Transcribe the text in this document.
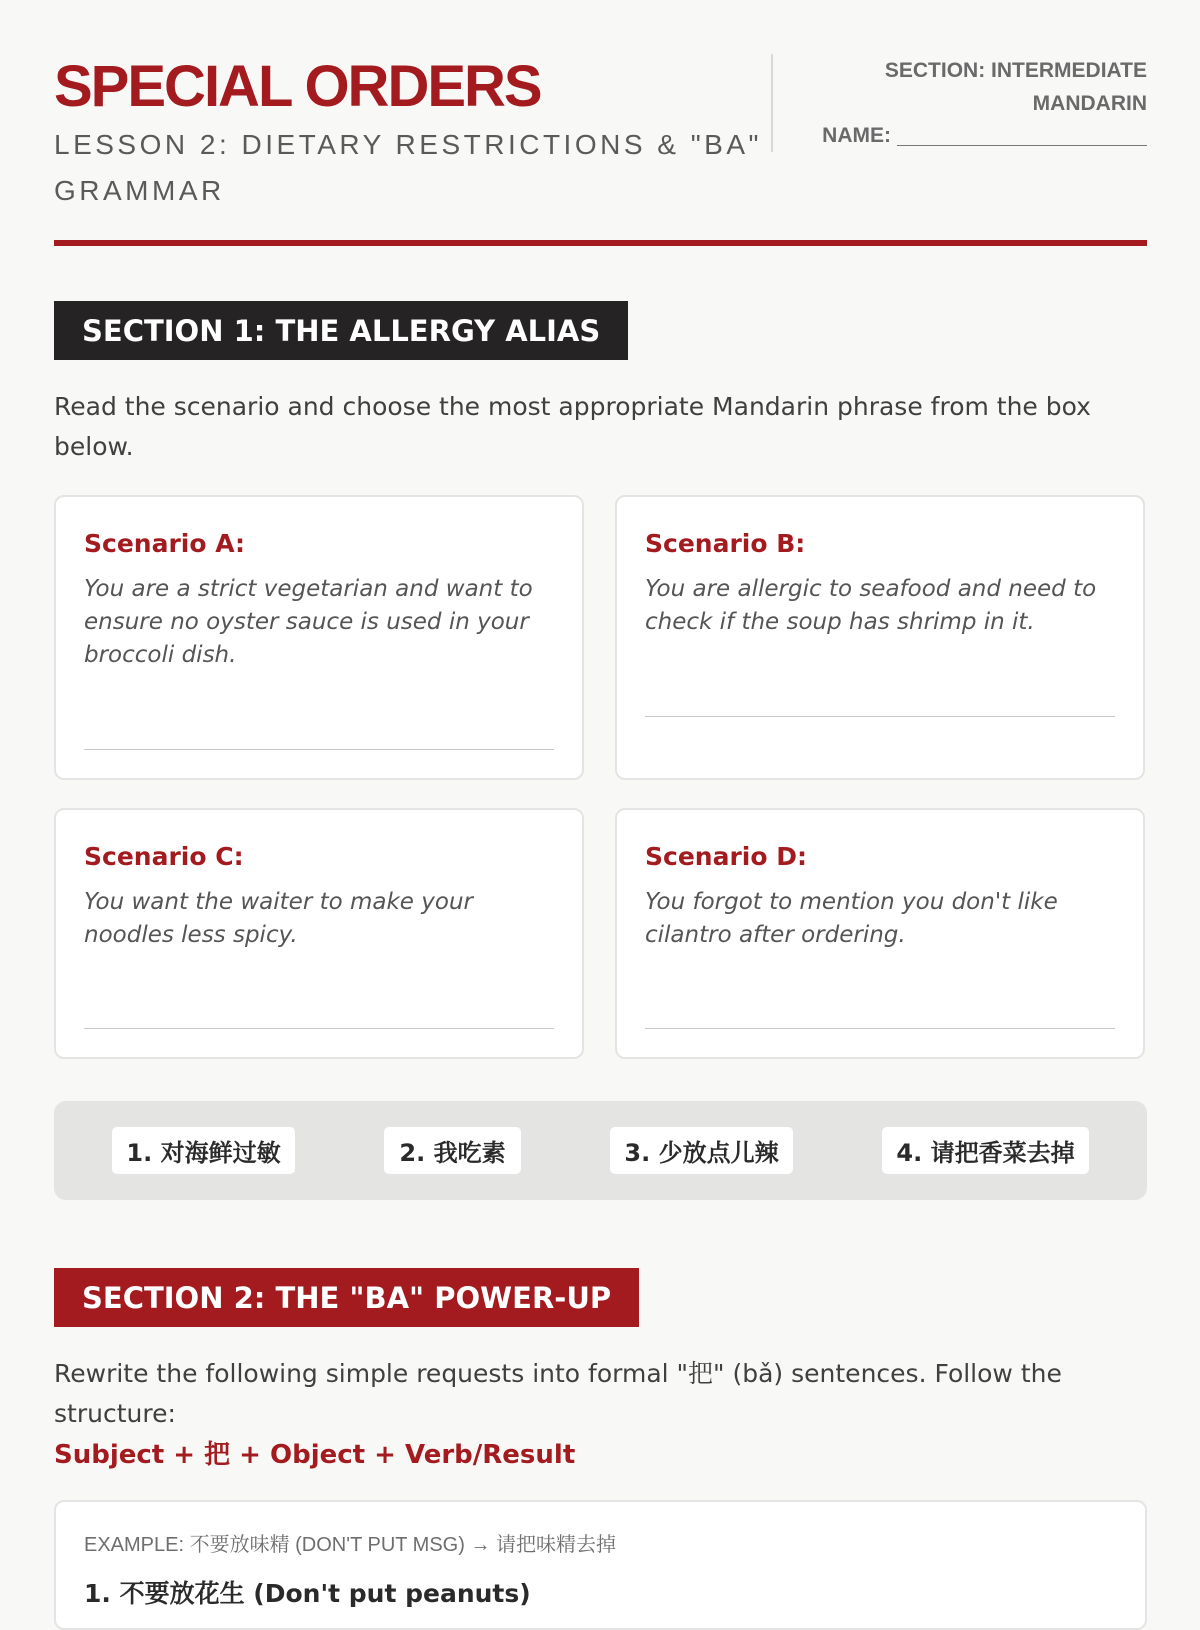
SPECIAL ORDERS
LESSON 2: DIETARY RESTRICTIONS & "BA" GRAMMAR
SECTION: INTERMEDIATE MANDARIN
NAME:
SECTION 1: THE ALLERGY ALIAS
Read the scenario and choose the most appropriate Mandarin phrase from the box below.
Scenario A:
You are a strict vegetarian and want to ensure no oyster sauce is used in your broccoli dish.
Scenario B:
You are allergic to seafood and need to check if the soup has shrimp in it.
Scenario C:
You want the waiter to make your noodles less spicy.
Scenario D:
You forgot to mention you don't like cilantro after ordering.
1. 对海鲜过敏	2. 我吃素	3. 少放点儿辣	4. 请把香菜去掉
SECTION 2: THE "BA" POWER-UP
Rewrite the following simple requests into formal "把" (bǎ) sentences. Follow the structure:
Subject + 把 + Object + Verb/Result
EXAMPLE: 不要放味精 (DON'T PUT MSG) → 请把味精去掉
1. 不要放花生 (Don't put peanuts)
